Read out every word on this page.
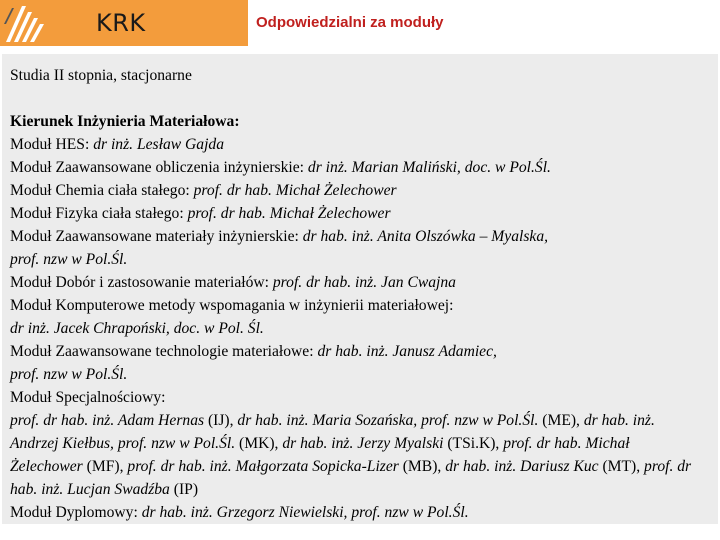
KRK	Odpowiedzialni za moduły
Studia II stopnia, stacjonarne
Kierunek Inżynieria Materiałowa:
Moduł HES: dr inż. Lesław Gajda
Moduł Zaawansowane obliczenia inżynierskie: dr inż. Marian Maliński, doc. w Pol.Śl.
Moduł Chemia ciała stałego: prof. dr hab. Michał Żelechower
Moduł Fizyka ciała stałego: prof. dr hab. Michał Żelechower
Moduł Zaawansowane materiały inżynierskie: dr hab. inż. Anita Olszówka – Myalska,
prof. nzw w Pol.Śl.
Moduł Dobór i zastosowanie materiałów: prof. dr hab. inż. Jan Cwajna
Moduł Komputerowe metody wspomagania w inżynierii materiałowej:
dr inż. Jacek Chrapoński, doc. w Pol. Śl.
Moduł Zaawansowane technologie materiałowe: dr hab. inż. Janusz Adamiec,
prof. nzw w Pol.Śl.
Moduł Specjalnościowy:
prof. dr hab. inż. Adam Hernas (IJ), dr hab. inż. Maria Sozańska, prof. nzw w Pol.Śl. (ME), dr hab. inż. Andrzej Kiełbus, prof. nzw w Pol.Śl. (MK), dr hab. inż. Jerzy Myalski (TSi.K), prof. dr hab. Michał Żelechower (MF), prof. dr hab. inż. Małgorzata Sopicka-Lizer (MB), dr hab. inż. Dariusz Kuc (MT), prof. dr hab. inż. Lucjan Swadźba (IP)
Moduł Dyplomowy: dr hab. inż. Grzegorz Niewielski, prof. nzw w Pol.Śl.
